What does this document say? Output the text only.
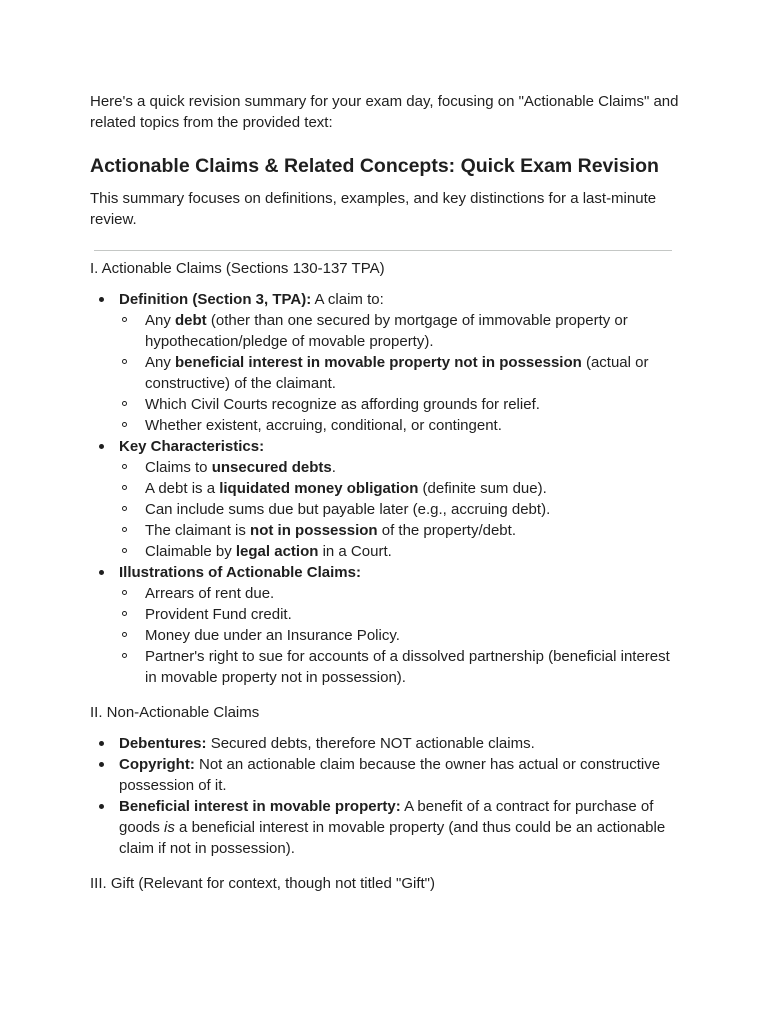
Here's a quick revision summary for your exam day, focusing on "Actionable Claims" and related topics from the provided text:

Actionable Claims & Related Concepts: Quick Exam Revision

This summary focuses on definitions, examples, and key distinctions for a last-minute review.

I. Actionable Claims (Sections 130-137 TPA)

Definition (Section 3, TPA): A claim to:
Any debt (other than one secured by mortgage of immovable property or hypothecation/pledge of movable property).
Any beneficial interest in movable property not in possession (actual or constructive) of the claimant.
Which Civil Courts recognize as affording grounds for relief.
Whether existent, accruing, conditional, or contingent.
Key Characteristics:
Claims to unsecured debts.
A debt is a liquidated money obligation (definite sum due).
Can include sums due but payable later (e.g., accruing debt).
The claimant is not in possession of the property/debt.
Claimable by legal action in a Court.
Illustrations of Actionable Claims:
Arrears of rent due.
Provident Fund credit.
Money due under an Insurance Policy.
Partner's right to sue for accounts of a dissolved partnership (beneficial interest in movable property not in possession).

II. Non-Actionable Claims

Debentures: Secured debts, therefore NOT actionable claims.
Copyright: Not an actionable claim because the owner has actual or constructive possession of it.
Beneficial interest in movable property: A benefit of a contract for purchase of goods is a beneficial interest in movable property (and thus could be an actionable claim if not in possession).

III. Gift (Relevant for context, though not titled "Gift")
